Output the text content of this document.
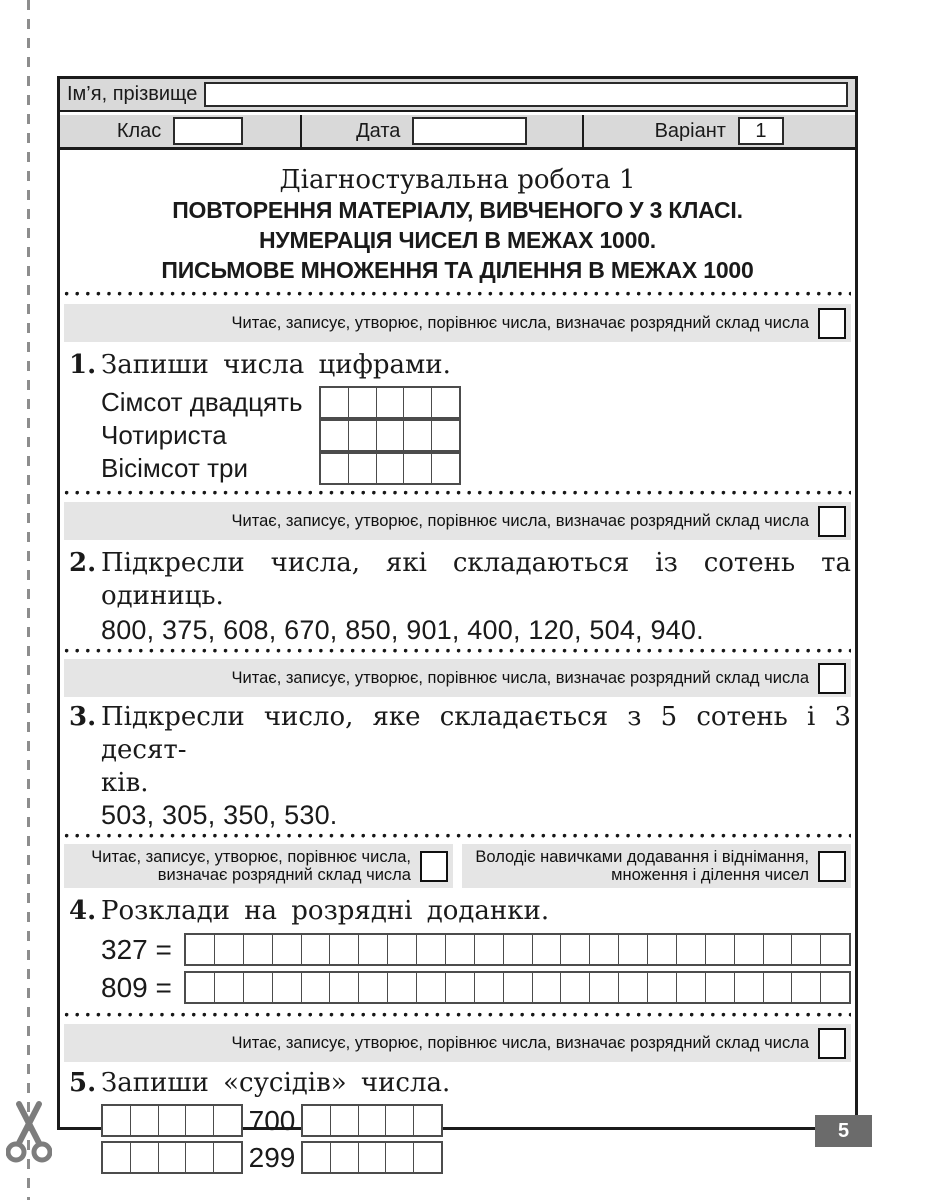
Ім’я, прізвище
Клас	Дата	Варіант	1
Діагностувальна робота 1
ПОВТОРЕННЯ МАТЕРІАЛУ, ВИВЧЕНОГО У 3 КЛАСІ.
НУМЕРАЦІЯ ЧИСЕЛ В МЕЖАХ 1000.
ПИСЬМОВЕ МНОЖЕННЯ ТА ДІЛЕННЯ В МЕЖАХ 1000
Читає, записує, утворює, порівнює числа, визначає розрядний склад числа
1. Запиши числа цифрами.
Сімсот двадцять
Чотириста
Вісімсот три
Читає, записує, утворює, порівнює числа, визначає розрядний склад числа
2. Підкресли числа, які складаються із сотень та одиниць.
800, 375, 608, 670, 850, 901, 400, 120, 504, 940.
Читає, записує, утворює, порівнює числа, визначає розрядний склад числа
3. Підкресли число, яке складається з 5 сотень і 3 десят-
ків.
503, 305, 350, 530.
Читає, записує, утворює, порівнює числа,
визначає розрядний склад числа
Володіє навичками додавання і віднімання,
множення і ділення чисел
4. Розклади на розрядні доданки.
327 =
809 =
Читає, записує, утворює, порівнює числа, визначає розрядний склад числа
5. Запиши «сусідів» числа.
700
299
5
